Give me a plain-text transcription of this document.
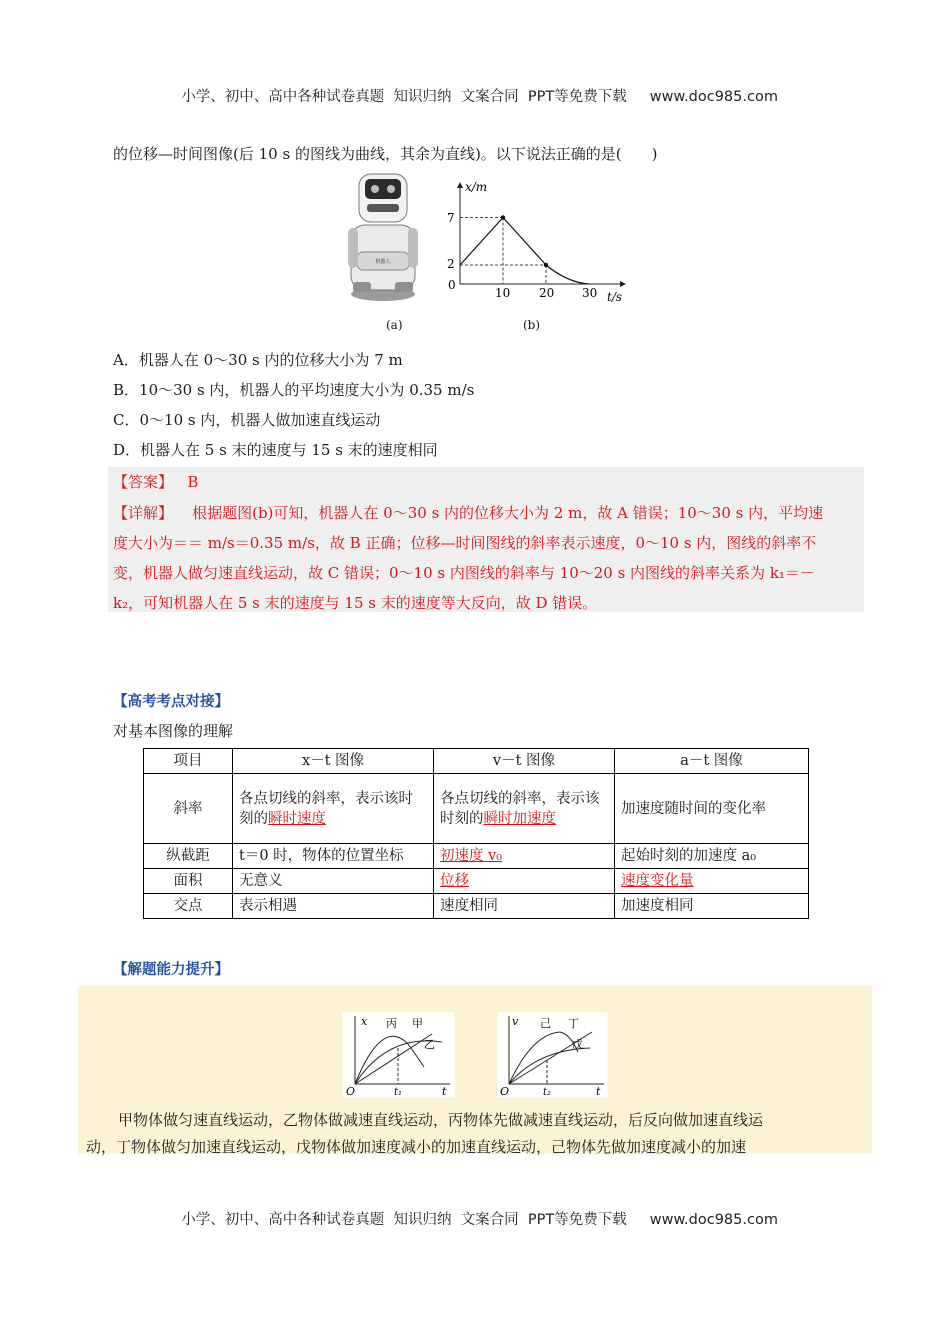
小学、初中、高中各种试卷真题  知识归纳  文案合同  PPT等免费下载 www.doc985.com

的位移—时间图像(后 10 s 的图线为曲线，其余为直线)。以下说法正确的是(　　)
机器人
(a)
x/m
t/s
7
2
0
10 20 30
(b)
A．机器人在 0～30 s 内的位移大小为 7 m
B．10～30 s 内，机器人的平均速度大小为 0.35 m/s
C．0～10 s 内，机器人做加速直线运动
D．机器人在 5 s 末的速度与 15 s 末的速度相同
【答案】 B
【详解】 根据题图(b)可知，机器人在 0～30 s 内的位移大小为 2 m，故 A 错误；10～30 s 内，平均速
度大小为＝＝ m/s＝0.35 m/s，故 B 正确；位移—时间图线的斜率表示速度，0～10 s 内，图线的斜率不
变，机器人做匀速直线运动，故 C 错误；0～10 s 内图线的斜率与 10～20 s 内图线的斜率关系为 k₁＝－
k₂，可知机器人在 5 s 末的速度与 15 s 末的速度等大反向，故 D 错误。
【高考考点对接】
对基本图像的理解
项目	x－t 图像	v－t 图像	a－t 图像
斜率	各点切线的斜率，表示该时刻的瞬时速度	各点切线的斜率，表示该时刻的瞬时加速度	加速度随时间的变化率
纵截距	t＝0 时，物体的位置坐标	初速度 v₀	起始时刻的加速度 a₀
面积	无意义	位移	速度变化量
交点	表示相遇	速度相同	加速度相同
【解题能力提升】
x
O	t
t₁
丙 甲
乙
v
O	t
t₂
己 丁
戊
甲物体做匀速直线运动，乙物体做减速直线运动，丙物体先做减速直线运动，后反向做加速直线运
动，丁物体做匀加速直线运动，戊物体做加速度减小的加速直线运动，己物体先做加速度减小的加速

小学、初中、高中各种试卷真题  知识归纳  文案合同  PPT等免费下载 www.doc985.com
